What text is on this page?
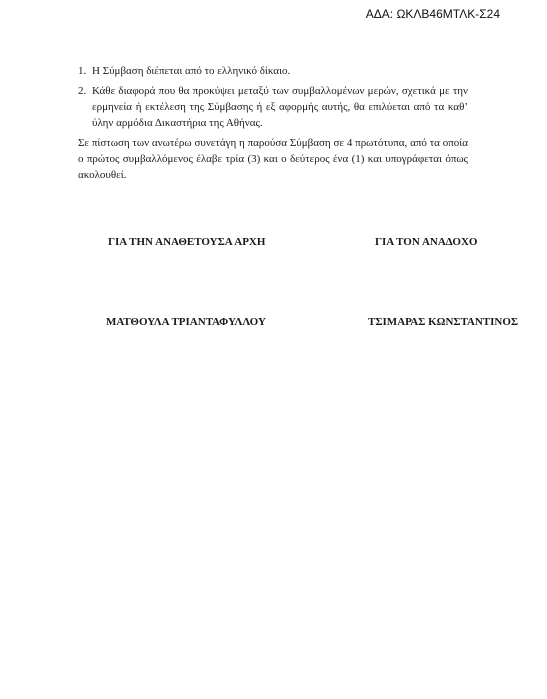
ΑΔΑ: ΩΚΛΒ46ΜΤΛΚ-Σ24
1. Η Σύμβαση διέπεται από το ελληνικό δίκαιο.
2. Κάθε διαφορά που θα προκύψει μεταξύ των συμβαλλομένων μερών, σχετικά με την ερμηνεία ή εκτέλεση της Σύμβασης ή εξ αφορμής αυτής, θα επιλύεται από τα καθ’ ύλην αρμόδια Δικαστήρια της Αθήνας.

Σε πίστωση των ανωτέρω συνετάγη η παρούσα Σύμβαση σε 4 πρωτότυπα, από τα οποία ο πρώτος συμβαλλόμενος έλαβε τρία (3) και ο δεύτερος ένα (1) και υπογράφεται όπως ακολουθεί.

ΓΙΑ ΤΗΝ ΑΝΑΘΕΤΟΥΣΑ ΑΡΧΗ	ΓΙΑ ΤΟΝ ΑΝΑΔΟΧΟ
ΜΑΤΘΟΥΛΑ ΤΡΙΑΝΤΑΦΥΛΛΟΥ	ΤΣΙΜΑΡΑΣ ΚΩΝΣΤΑΝΤΙΝΟΣ
